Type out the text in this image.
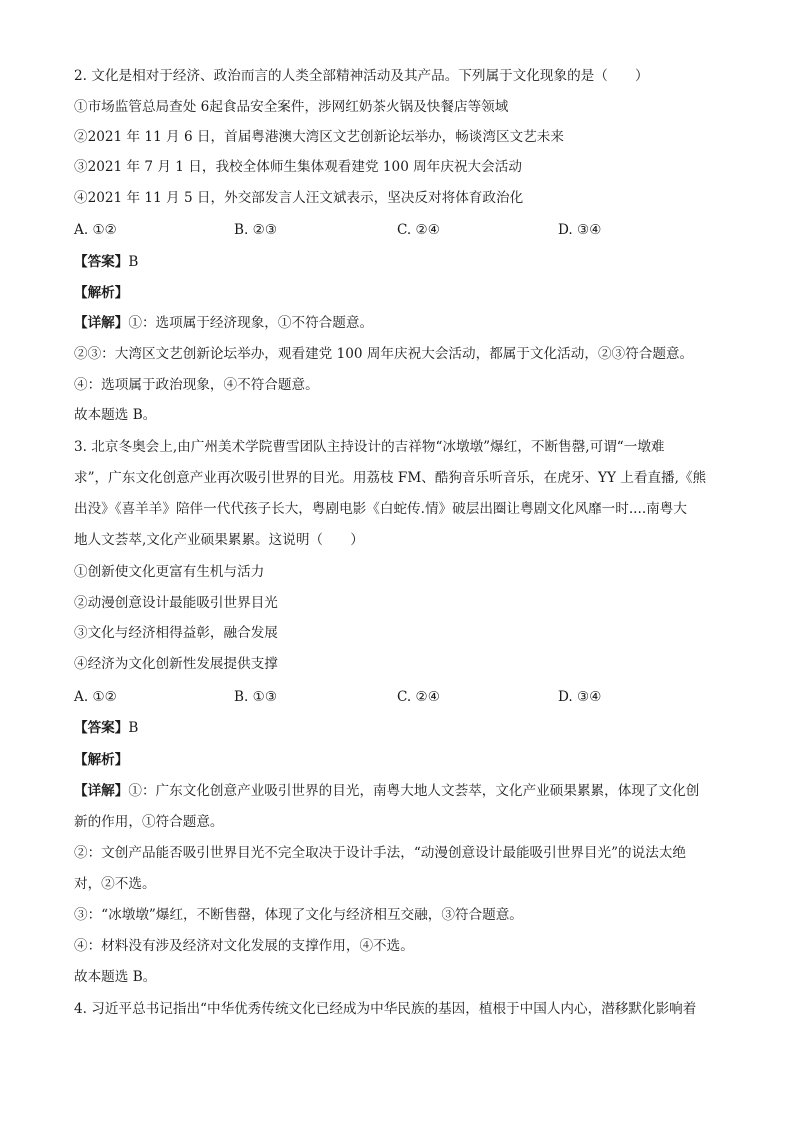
2. 文化是相对于经济、政治而言的人类全部精神活动及其产品。下列属于文化现象的是（　　）
①市场监管总局查处 6起食品安全案件，涉网红奶茶火锅及快餐店等领域
②2021 年 11 月 6 日，首届粤港澳大湾区文艺创新论坛举办，畅谈湾区文艺未来
③2021 年 7 月 1 日，我校全体师生集体观看建党 100 周年庆祝大会活动
④2021 年 11 月 5 日，外交部发言人汪文斌表示，坚决反对将体育政治化
A. ①②	B. ②③	C. ②④	D. ③④
【答案】B
【解析】
【详解】①：选项属于经济现象，①不符合题意。
②③：大湾区文艺创新论坛举办，观看建党 100 周年庆祝大会活动，都属于文化活动，②③符合题意。
④：选项属于政治现象，④不符合题意。
故本题选 B。
3. 北京冬奥会上,由广州美术学院曹雪团队主持设计的吉祥物“冰墩墩”爆红，不断售罄,可谓“一墩难
求”，广东文化创意产业再次吸引世界的目光。用荔枝 FM、酷狗音乐听音乐，在虎牙、YY 上看直播,《熊
出没》《喜羊羊》陪伴一代代孩子长大，粤剧电影《白蛇传.情》破层出圈让粤剧文化风靡一时....南粤大
地人文荟萃,文化产业硕果累累。这说明（　　）
①创新使文化更富有生机与活力
②动漫创意设计最能吸引世界目光
③文化与经济相得益彰，融合发展
④经济为文化创新性发展提供支撑
A. ①②	B. ①③	C. ②④	D. ③④
【答案】B
【解析】
【详解】①：广东文化创意产业吸引世界的目光，南粤大地人文荟萃，文化产业硕果累累，体现了文化创
新的作用，①符合题意。
②：文创产品能否吸引世界目光不完全取决于设计手法，“动漫创意设计最能吸引世界目光”的说法太绝
对，②不选。
③：“冰墩墩”爆红，不断售罄，体现了文化与经济相互交融，③符合题意。
④：材料没有涉及经济对文化发展的支撑作用，④不选。
故本题选 B。
4. 习近平总书记指出“中华优秀传统文化已经成为中华民族的基因，植根于中国人内心，潜移默化影响着
